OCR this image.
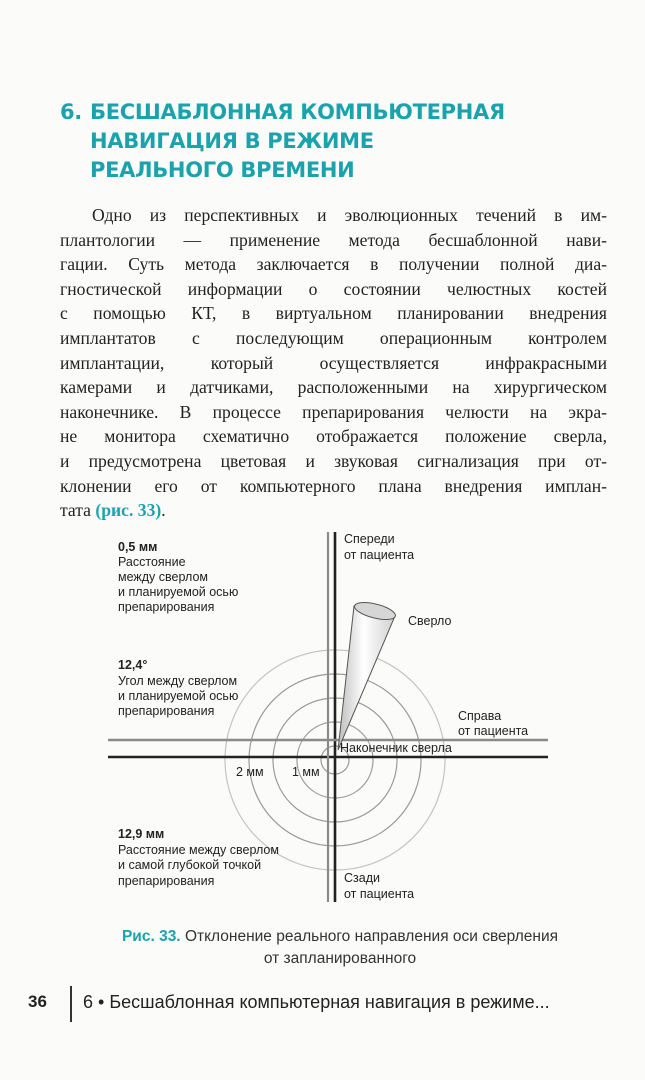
6. БЕСШАБЛОННАЯ КОМПЬЮТЕРНАЯ
НАВИГАЦИЯ В РЕЖИМЕ
РЕАЛЬНОГО ВРЕМЕНИ

Одно из перспективных и эволюционных течений в им-
плантологии — применение метода бесшаблонной нави-
гации. Суть метода заключается в получении полной диа-
гностической информации о состоянии челюстных костей
с помощью КТ, в виртуальном планировании внедрения
имплантатов с последующим операционным контролем
имплантации, который осуществляется инфракрасными
камерами и датчиками, расположенными на хирургическом
наконечнике. В процессе препарирования челюсти на экра-
не монитора схематично отображается положение сверла,
и предусмотрена цветовая и звуковая сигнализация при от-
клонении его от компьютерного плана внедрения имплан-
тата (рис. 33).

Спереди
от пациента
Сверло
Справа
от пациента
Наконечник сверла
2 мм 1 мм
Сзади
от пациента
0,5 мм
Расстояние
между сверлом
и планируемой осью
препарирования
12,4°
Угол между сверлом
и планируемой осью
препарирования
12,9 мм
Расстояние между сверлом
и самой глубокой точкой
препарирования
Рис. 33. Отклонение реального направления оси сверления
от запланированного
36 6 • Бесшаблонная компьютерная навигация в режиме...
